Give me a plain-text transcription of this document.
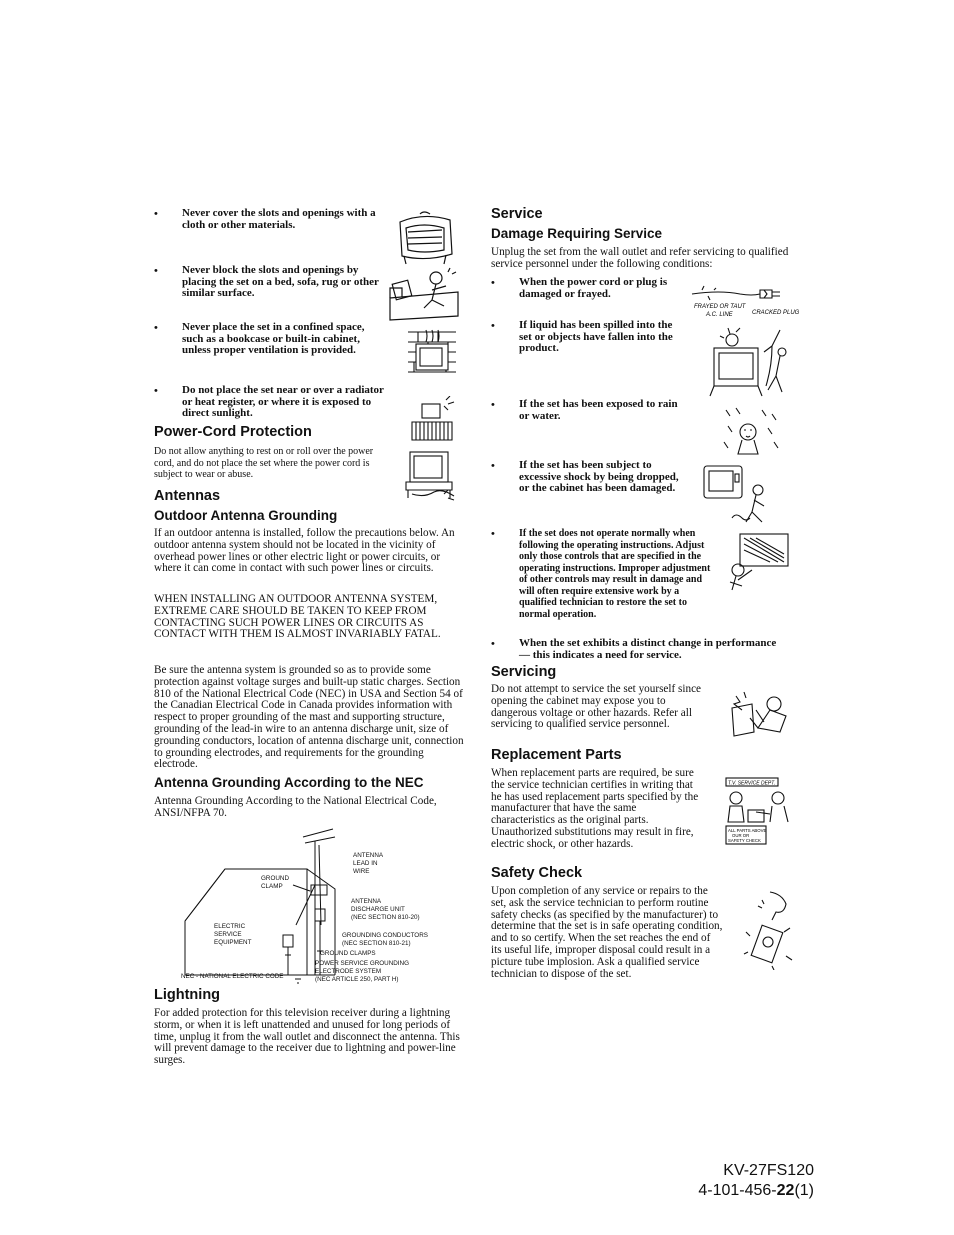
• Never cover the slots and openings with a cloth or other materials.
• Never block the slots and openings by placing the set on a bed, sofa, rug or other similar surface.
• Never place the set in a confined space, such as a bookcase or built-in cabinet, unless proper ventilation is provided.
• Do not place the set near or over a radiator or heat register, or where it is exposed to direct sunlight.
Power-Cord Protection
Do not allow anything to rest on or roll over the power cord, and do not place the set where the power cord is subject to wear or abuse.
Antennas
Outdoor Antenna Grounding
If an outdoor antenna is installed, follow the precautions below. An outdoor antenna system should not be located in the vicinity of overhead power lines or other electric light or power circuits, or where it can come in contact with such power lines or circuits.
WHEN INSTALLING AN OUTDOOR ANTENNA SYSTEM, EXTREME CARE SHOULD BE TAKEN TO KEEP FROM CONTACTING SUCH POWER LINES OR CIRCUITS AS CONTACT WITH THEM IS ALMOST INVARIABLY FATAL.
Be sure the antenna system is grounded so as to provide some protection against voltage surges and built-up static charges. Section 810 of the National Electrical Code (NEC) in USA and Section 54 of the Canadian Electrical Code in Canada provides information with respect to proper grounding of the mast and supporting structure, grounding of the lead-in wire to an antenna discharge unit, size of grounding conductors, location of antenna discharge unit, connection to grounding electrodes, and requirements for the grounding electrode.
Antenna Grounding According to the NEC
Antenna Grounding According to the National Electrical Code, ANSI/NFPA 70.
ANTENNA
LEAD IN
WIRE
GROUND
CLAMP
ANTENNA
DISCHARGE UNIT
(NEC SECTION 810-20)
ELECTRIC
SERVICE
EQUIPMENT
GROUNDING CONDUCTORS
(NEC SECTION 810-21)
GROUND CLAMPS
POWER SERVICE GROUNDING
ELECTRODE SYSTEM
(NEC ARTICLE 250, PART H)
NEC - NATIONAL ELECTRIC CODE
Lightning
For added protection for this television receiver during a lightning storm, or when it is left unattended and unused for long periods of time, unplug it from the wall outlet and disconnect the antenna. This will prevent damage to the receiver due to lightning and power-line surges.
Service
Damage Requiring Service
Unplug the set from the wall outlet and refer servicing to qualified service personnel under the following conditions:
• When the power cord or plug is damaged or frayed.
FRAYED OR TAUT
A.C. LINE	CRACKED PLUG
• If liquid has been spilled into the set or objects have fallen into the product.
• If the set has been exposed to rain or water.
• If the set has been subject to excessive shock by being dropped, or the cabinet has been damaged.
• If the set does not operate normally when following the operating instructions. Adjust only those controls that are specified in the operating instructions. Improper adjustment of other controls may result in damage and will often require extensive work by a qualified technician to restore the set to normal operation.
• When the set exhibits a distinct change in performance — this indicates a need for service.
Servicing
Do not attempt to service the set yourself since opening the cabinet may expose you to dangerous voltage or other hazards. Refer all servicing to qualified service personnel.
Replacement Parts
When replacement parts are required, be sure the service technician certifies in writing that he has used replacement parts specified by the manufacturer that have the same characteristics as the original parts. Unauthorized substitutions may result in fire, electric shock, or other hazards.
T.V. SERVICE DEPT.
ALL PARTS ABOVE
OUR OR
SAFETY CHECK
Safety Check
Upon completion of any service or repairs to the set, ask the service technician to perform routine safety checks (as specified by the manufacturer) to determine that the set is in safe operating condition, and to so certify. When the set reaches the end of its useful life, improper disposal could result in a picture tube implosion. Ask a qualified service technician to dispose of the set.
KV-27FS120
4-101-456-22(1)
